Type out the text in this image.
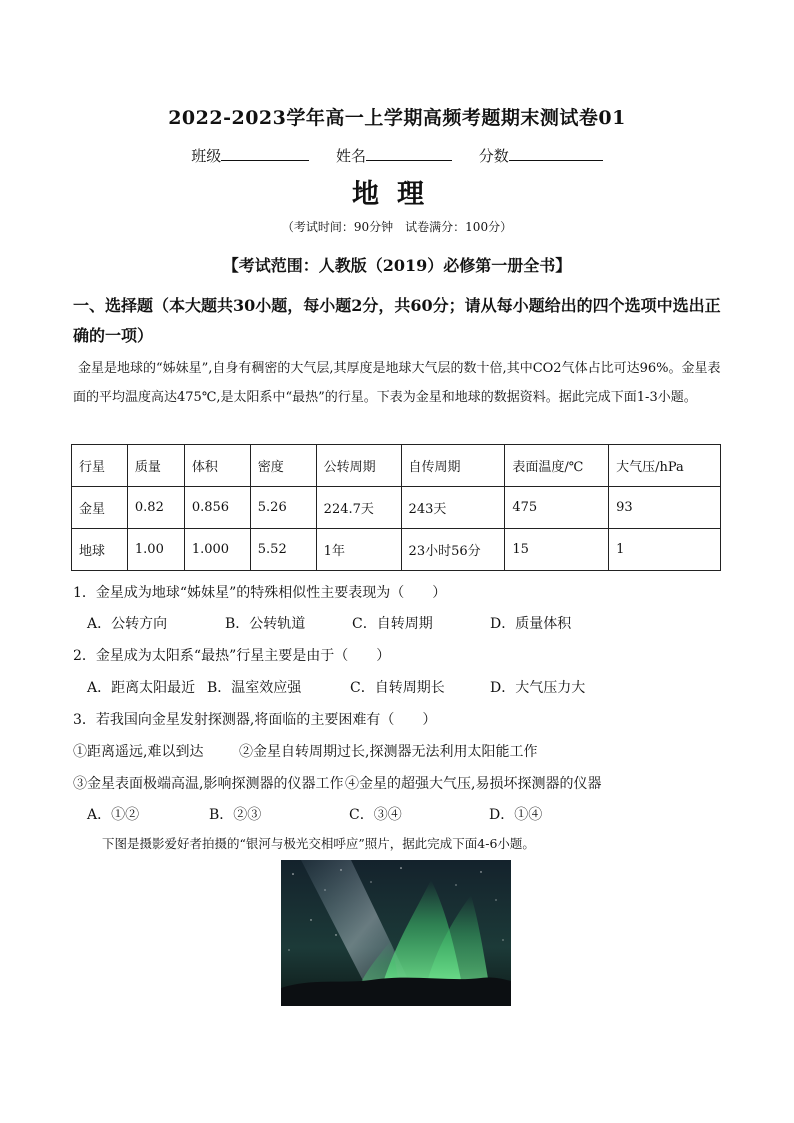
2022-2023学年高一上学期高频考题期末测试卷01
班级	姓名	分数
地理
（考试时间：90分钟　试卷满分：100分）
【考试范围：人教版（2019）必修第一册全书】
一、选择题（本大题共30小题，每小题2分，共60分；请从每小题给出的四个选项中选出正确的一项）
金星是地球的“姊妹星”,自身有稠密的大气层,其厚度是地球大气层的数十倍,其中CO2气体占比可达96%。金星表面的平均温度高达475℃,是太阳系中“最热”的行星。下表为金星和地球的数据资料。据此完成下面1-3小题。
行星	质量	体积	密度	公转周期	自传周期	表面温度/℃	大气压/hPa
金星	0.82	0.856	5.26	224.7天	243天	475	93
地球	1.00	1.000	5.52	1年	23小时56分	15	1
1．金星成为地球“姊妹星”的特殊相似性主要表现为（　　）
A．公转方向	B．公转轨道	C．自转周期	D．质量体积
2．金星成为太阳系“最热”行星主要是由于（　　）
A．距离太阳最近 B．温室效应强	C．自转周期长	D．大气压力大
3．若我国向金星发射探测器,将面临的主要困难有（　　）
①距离遥远,难以到达	②金星自转周期过长,探测器无法利用太阳能工作
③金星表面极端高温,影响探测器的仪器工作 ④金星的超强大气压,易损坏探测器的仪器
A．①②	B．②③	C．③④	D．①④
下图是摄影爱好者拍摄的“银河与极光交相呼应”照片，据此完成下面4-6小题。
